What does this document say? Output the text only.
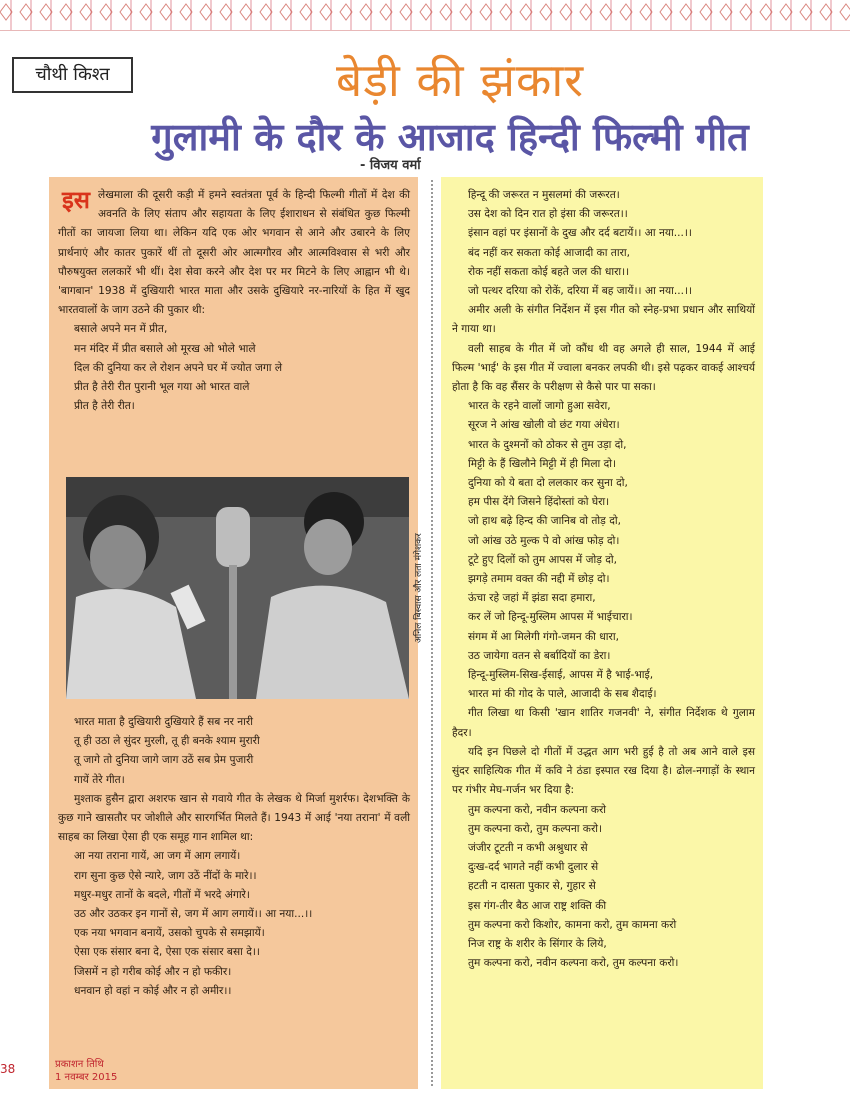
चौथी किश्त	बेड़ी की झंकार
गुलामी के दौर के आजाद हिन्दी फिल्मी गीत
- विजय वर्मा

इस लेखमाला की दूसरी कड़ी में हमने स्वतंत्रता पूर्व के हिन्दी फिल्मी गीतों में देश की अवनति के लिए संताप और सहायता के लिए ईशाराधन से संबंधित कुछ फिल्मी गीतों का जायजा लिया था। लेकिन यदि एक ओर भगवान से आने और उबारने के लिए प्रार्थनाएं और कातर पुकारें थीं तो दूसरी ओर आत्मगौरव और आत्मविश्वास से भरी और पौरुषयुक्त ललकारें भी थीं। देश सेवा करने और देश पर मर मिटने के लिए आह्वान भी थे। 'बागबान' 1938 में दुखियारी भारत माता और उसके दुखियारे नर-नारियों के हित में खुद भारतवालों के जाग उठने की पुकार थी:

बसाले अपने मन में प्रीत,
मन मंदिर में प्रीत बसाले ओ मूरख ओ भोले भाले
दिल की दुनिया कर ले रोशन अपने घर में ज्योत जगा ले
प्रीत है तेरी रीत पुरानी भूल गया ओ भारत वाले
प्रीत है तेरी रीत।
अनिल बिस्वास और लता मंगेशकर
भारत माता है दुखियारी दुखियारे हैं सब नर नारी
तू ही उठा ले सुंदर मुरली, तू ही बनके श्याम मुरारी
तू जागे तो दुनिया जागे जाग उठें सब प्रेम पुजारी
गायें तेरे गीत।

मुश्ताक हुसैन द्वारा अशरफ खान से गवाये गीत के लेखक थे मिर्जा मुशर्रफ। देशभक्ति के कुछ गाने खासतौर पर जोशीले और सारगर्भित मिलते हैं। 1943 में आई 'नया तराना' में वली साहब का लिखा ऐसा ही एक समूह गान शामिल था:

आ नया तराना गायें, आ जग में आग लगायें।
राग सुना कुछ ऐसे न्यारे, जाग उठें नींदों के मारे।।
मधुर-मधुर तानों के बदले, गीतों में भरदे अंगारे।
उठ और उठकर इन गानों से, जग में आग लगायें।। आ नया...।।
एक नया भगवान बनायें, उसको चुपके से समझायें।
ऐसा एक संसार बना दे, ऐसा एक संसार बसा दे।।
जिसमें न हो गरीब कोई और न हो फकीर।
धनवान हो वहां न कोई और न हो अमीर।।
हिन्दू की जरूरत न मुसलमां की जरूरत।
उस देश को दिन रात हो इंसा की जरूरत।।
इंसान वहां पर इंसानों के दुख और दर्द बटायें।। आ नया...।।
बंद नहीं कर सकता कोई आजादी का तारा,
रोक नहीं सकता कोई बहते जल की धारा।।
जो पत्थर दरिया को रोकें, दरिया में बह जायें।। आ नया...।।

अमीर अली के संगीत निर्देशन में इस गीत को स्नेह-प्रभा प्रधान और साथियों ने गाया था।

वली साहब के गीत में जो कौंध थी वह अगले ही साल, 1944 में आई फिल्म 'भाई' के इस गीत में ज्वाला बनकर लपकी थी। इसे पढ़कर वाकई आश्चर्य होता है कि वह सैंसर के परीक्षण से कैसे पार पा सका।

भारत के रहने वालों जागो हुआ सवेरा,
सूरज ने आंख खोली वो छंट गया अंधेरा।
भारत के दुश्मनों को ठोकर से तुम उड़ा दो,
मिट्टी के हैं खिलौने मिट्टी में ही मिला दो।
दुनिया को ये बता दो ललकार कर सुना दो,
हम पीस देंगे जिसने हिंदोस्तां को घेरा।
जो हाथ बढ़े हिन्द की जानिब वो तोड़ दो,
जो आंख उठे मुल्क पे वो आंख फोड़ दो।
टूटे हुए दिलों को तुम आपस में जोड़ दो,
झगड़े तमाम वक्त की नद्दी में छोड़ दो।
ऊंचा रहे जहां में झंडा सदा हमारा,
कर लें जो हिन्दू-मुस्लिम आपस में भाईचारा।
संगम में आ मिलेगी गंगो-जमन की धारा,
उठ जायेगा वतन से बर्बादियों का डेरा।
हिन्दू-मुस्लिम-सिख-ईसाई, आपस में है भाई-भाई,
भारत मां की गोद के पाले, आजादी के सब शैदाई।

गीत लिखा था किसी 'खान शातिर गजनवी' ने, संगीत निर्देशक थे गुलाम हैदर।

यदि इन पिछले दो गीतों में उद्धत आग भरी हुई है तो अब आने वाले इस सुंदर साहित्यिक गीत में कवि ने ठंडा इस्पात रख दिया है। ढोल-नगाड़ों के स्थान पर गंभीर मेघ-गर्जन भर दिया है:

तुम कल्पना करो, नवीन कल्पना करो
तुम कल्पना करो, तुम कल्पना करो।
जंजीर टूटती न कभी अश्रुधार से
दुःख-दर्द भागते नहीं कभी दुलार से
हटती न दासता पुकार से, गुहार से
इस गंग-तीर बैठ आज राष्ट्र शक्ति की
तुम कल्पना करो किशोर, कामना करो, तुम कामना करो
निज राष्ट्र के शरीर के सिंगार के लिये,
तुम कल्पना करो, नवीन कल्पना करो, तुम कल्पना करो।
38	प्रकाशन तिथि
1 नवम्बर 2015
